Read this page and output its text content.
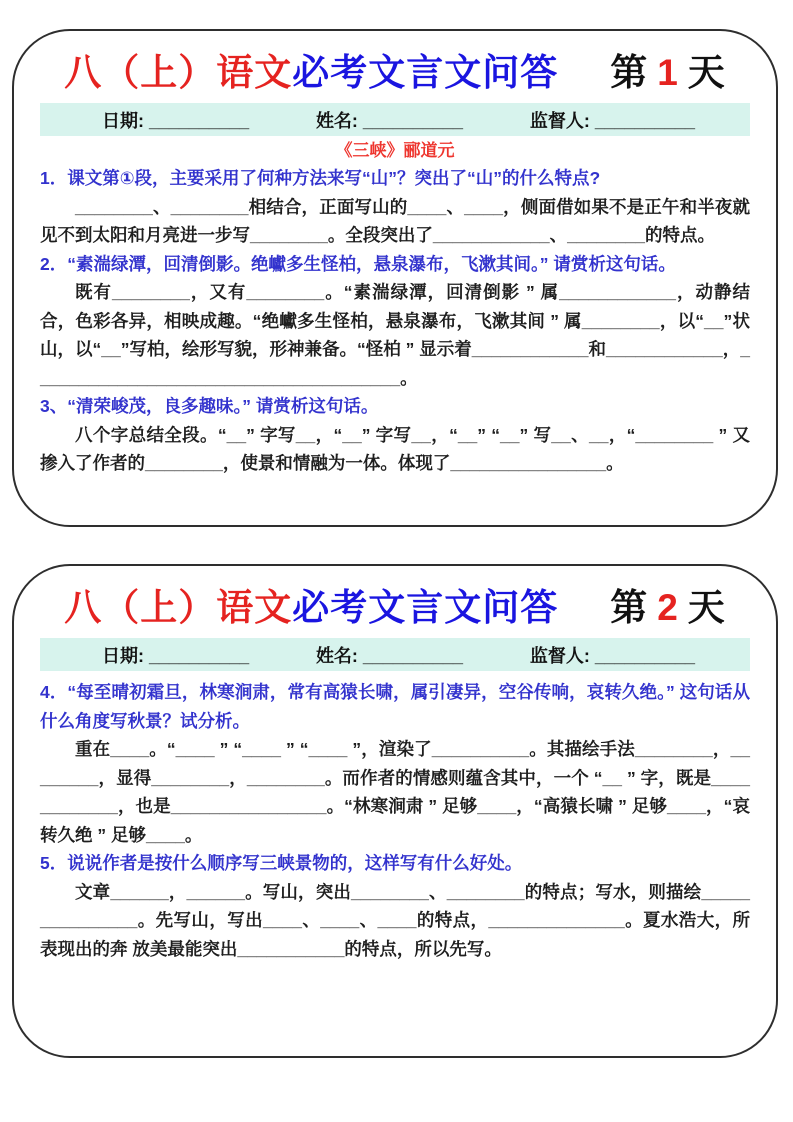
八（上）语文 必考文言文问答 第 1 天
日期: __________	姓名: __________	监督人: __________
《三峡》郦道元

1．课文第①段，主要采用了何种方法来写“山”？突出了“山”的什么特点?

________、________相结合，正面写山的____、____，侧面借如果不是正午和半夜就见不到太阳和月亮进一步写________。全段突出了____________、________的特点。

2．“素湍绿潭，回清倒影。绝巘多生怪柏，悬泉瀑布，飞漱其间。” 请赏析这句话。

既有________，又有________。“素湍绿潭，回清倒影 ” 属____________，动静结合，色彩各异，相映成趣。“绝巘多生怪柏，悬泉瀑布，飞漱其间 ” 属________，以“__”状山，以“__”写柏，绘形写貌，形神兼备。“怪柏 ” 显示着____________和____________，______________________________________。

3、“清荣峻茂，良多趣味。” 请赏析这句话。

八个字总结全段。“__” 字写__，“__” 字写__，“__” “__” 写__、__，“________ ” 又掺入了作者的________，使景和情融为一体。体现了________________。

八（上）语文 必考文言文问答 第 2 天
日期: __________	姓名: __________	监督人: __________

4．“每至晴初霜旦，林寒涧肃，常有高猿长啸，属引凄异，空谷传响，哀转久绝。” 这句话从什么角度写秋景？试分析。

重在____。“____ ” “____ ” “____ ”，渲染了__________。其描绘手法________，________，显得________，________。而作者的情感则蕴含其中，一个 “__ ” 字，既是____________，也是________________。“林寒涧肃 ” 足够____，“高猿长啸 ” 足够____，“哀转久绝 ” 足够____。

5．说说作者是按什么顺序写三峡景物的，这样写有什么好处。

文章______，______。写山，突出________、________的特点；写水，则描绘_______________。先写山，写出____、____、____的特点，______________。夏水浩大，所表现出的奔 放美最能突出___________的特点，所以先写。
